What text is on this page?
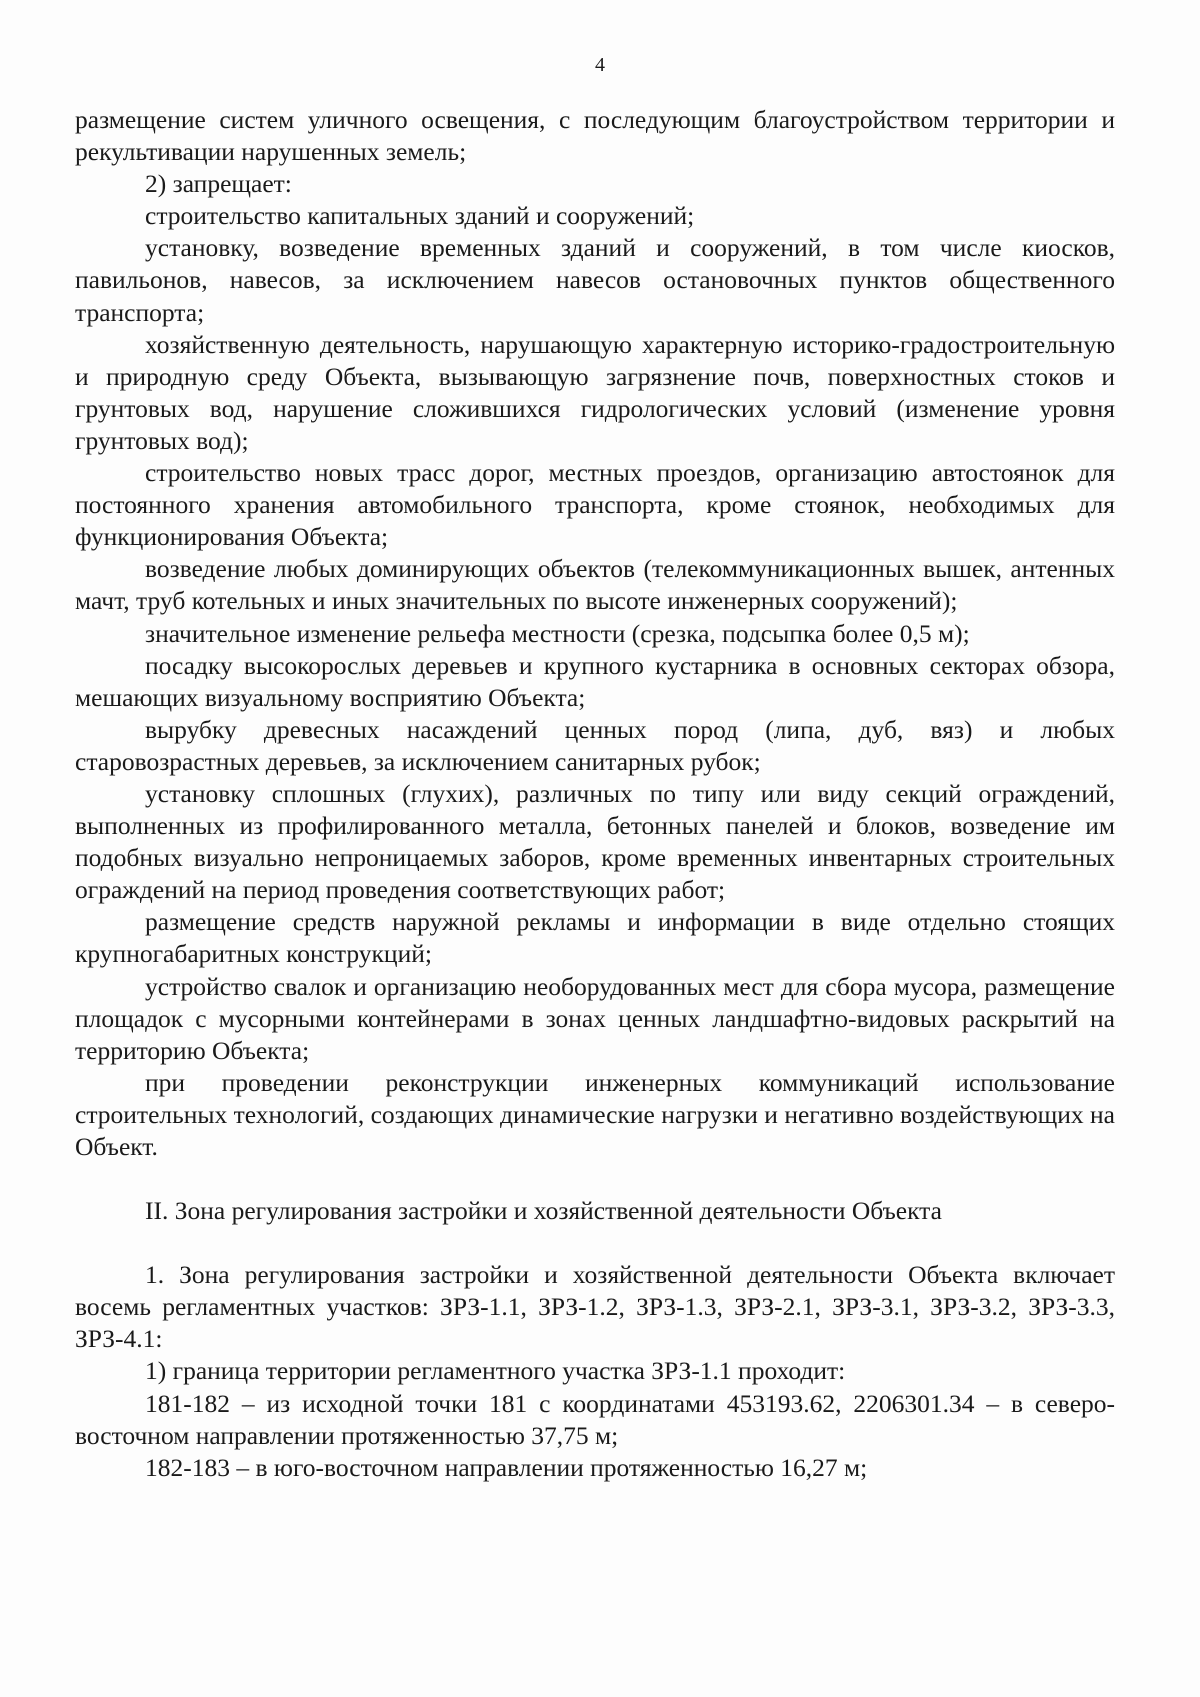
4

размещение систем уличного освещения, с последующим благоустройством территории и рекультивации нарушенных земель;

2) запрещает:

строительство капитальных зданий и сооружений;

установку, возведение временных зданий и сооружений, в том числе киосков, павильонов, навесов, за исключением навесов остановочных пунктов общественного транспорта;

хозяйственную деятельность, нарушающую характерную историко-градостроительную и природную среду Объекта, вызывающую загрязнение почв, поверхностных стоков и грунтовых вод, нарушение сложившихся гидрологических условий (изменение уровня грунтовых вод);

строительство новых трасс дорог, местных проездов, организацию автостоянок для постоянного хранения автомобильного транспорта, кроме стоянок, необходимых для функционирования Объекта;

возведение любых доминирующих объектов (телекоммуникационных вышек, антенных мачт, труб котельных и иных значительных по высоте инженерных сооружений);

значительное изменение рельефа местности (срезка, подсыпка более 0,5 м);

посадку высокорослых деревьев и крупного кустарника в основных секторах обзора, мешающих визуальному восприятию Объекта;

вырубку древесных насаждений ценных пород (липа, дуб, вяз) и любых старовозрастных деревьев, за исключением санитарных рубок;

установку сплошных (глухих), различных по типу или виду секций ограждений, выполненных из профилированного металла, бетонных панелей и блоков, возведение им подобных визуально непроницаемых заборов, кроме временных инвентарных строительных ограждений на период проведения соответствующих работ;

размещение средств наружной рекламы и информации в виде отдельно стоящих крупногабаритных конструкций;

устройство свалок и организацию необорудованных мест для сбора мусора, размещение площадок с мусорными контейнерами в зонах ценных ландшафтно-видовых раскрытий на территорию Объекта;

при проведении реконструкции инженерных коммуникаций использование строительных технологий, создающих динамические нагрузки и негативно воздействующих на Объект.

II. Зона регулирования застройки и хозяйственной деятельности Объекта

1. Зона регулирования застройки и хозяйственной деятельности Объекта включает восемь регламентных участков: ЗРЗ-1.1, ЗРЗ-1.2, ЗРЗ-1.3, ЗРЗ-2.1, ЗРЗ-3.1, ЗРЗ-3.2, ЗРЗ-3.3, ЗРЗ-4.1:

1) граница территории регламентного участка ЗРЗ-1.1 проходит:

181-182 – из исходной точки 181 с координатами 453193.62, 2206301.34 – в северо-восточном направлении протяженностью 37,75 м;

182-183 – в юго-восточном направлении протяженностью 16,27 м;
